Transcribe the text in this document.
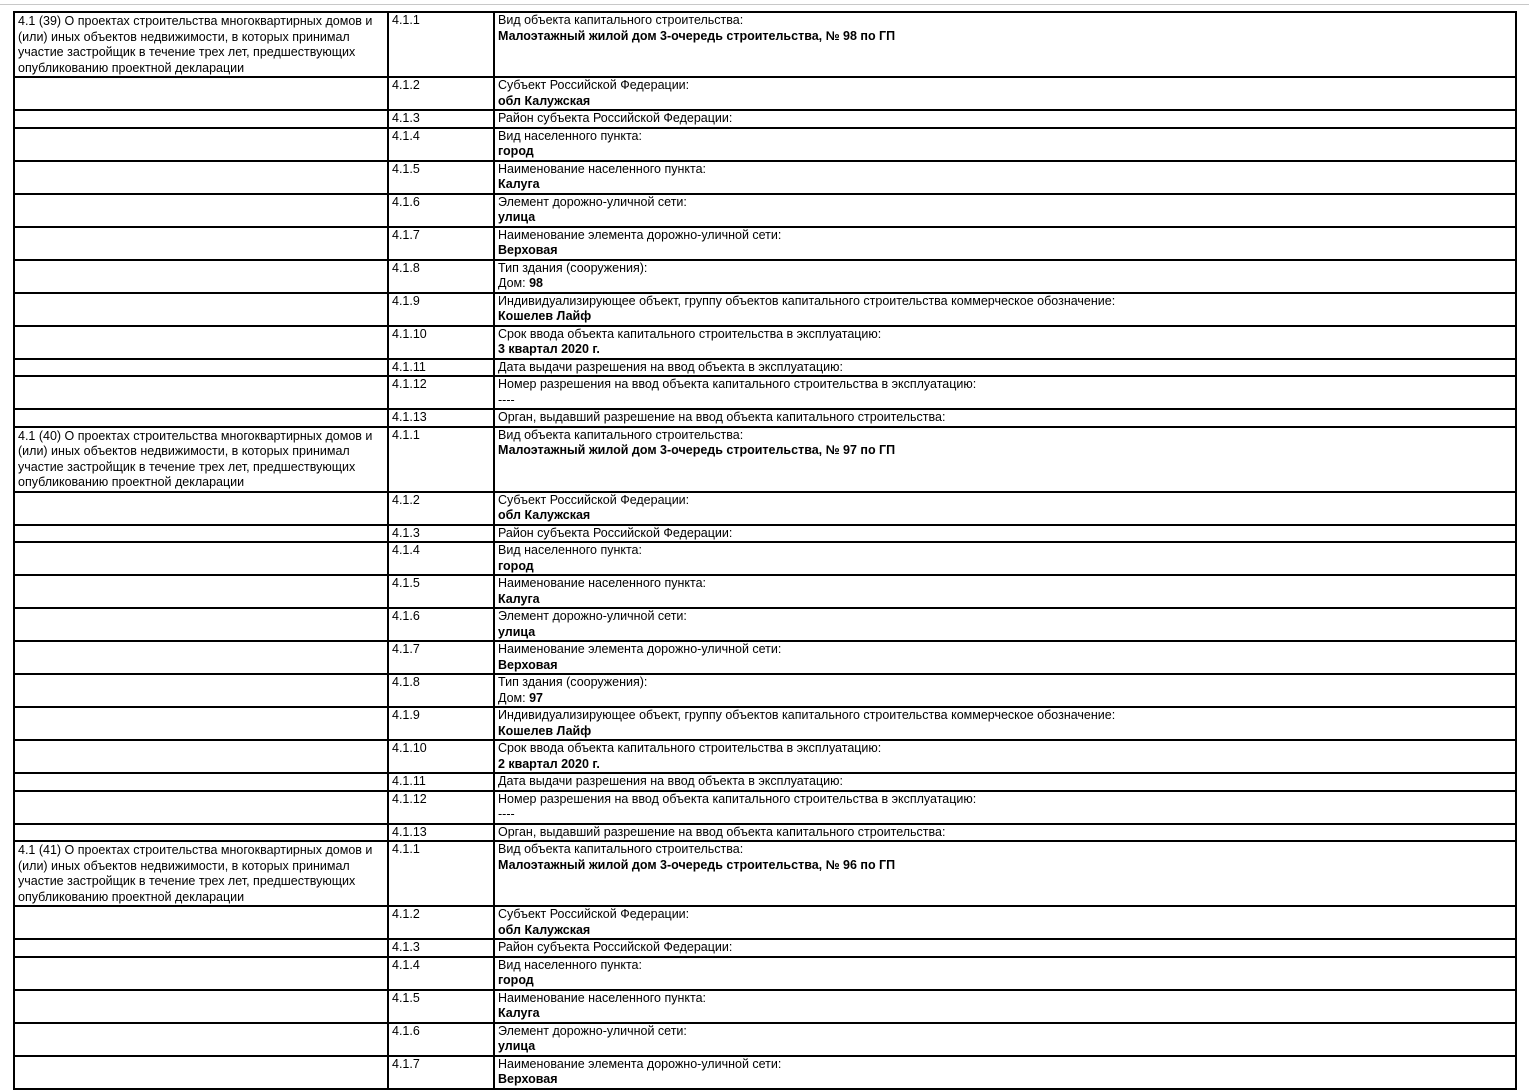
4.1 (39) О проектах строительства многоквартирных домов и (или) иных объектов недвижимости, в которых принимал участие застройщик в течение трех лет, предшествующих опубликованию проектной декларации	4.1.1	Вид объекта капитального строительства:
Малоэтажный жилой дом 3-очередь строительства, № 98 по ГП

	4.1.2	Субъект Российской Федерации:
обл Калужская

	4.1.3	Район субъекта Российской Федерации:

	4.1.4	Вид населенного пункта:
город

	4.1.5	Наименование населенного пункта:
Калуга

	4.1.6	Элемент дорожно-уличной сети:
улица

	4.1.7	Наименование элемента дорожно-уличной сети:
Верховая

	4.1.8	Тип здания (сооружения):
Дом: 98

	4.1.9	Индивидуализирующее объект, группу объектов капитального строительства коммерческое обозначение:
Кошелев Лайф

	4.1.10	Срок ввода объекта капитального строительства в эксплуатацию:
3 квартал 2020 г.

	4.1.11	Дата выдачи разрешения на ввод объекта в эксплуатацию:

	4.1.12	Номер разрешения на ввод объекта капитального строительства в эксплуатацию:
----

	4.1.13	Орган, выдавший разрешение на ввод объекта капитального строительства:

4.1 (40) О проектах строительства многоквартирных домов и (или) иных объектов недвижимости, в которых принимал участие застройщик в течение трех лет, предшествующих опубликованию проектной декларации	4.1.1	Вид объекта капитального строительства:
Малоэтажный жилой дом 3-очередь строительства, № 97 по ГП

	4.1.2	Субъект Российской Федерации:
обл Калужская

	4.1.3	Район субъекта Российской Федерации:

	4.1.4	Вид населенного пункта:
город

	4.1.5	Наименование населенного пункта:
Калуга

	4.1.6	Элемент дорожно-уличной сети:
улица

	4.1.7	Наименование элемента дорожно-уличной сети:
Верховая

	4.1.8	Тип здания (сооружения):
Дом: 97

	4.1.9	Индивидуализирующее объект, группу объектов капитального строительства коммерческое обозначение:
Кошелев Лайф

	4.1.10	Срок ввода объекта капитального строительства в эксплуатацию:
2 квартал 2020 г.

	4.1.11	Дата выдачи разрешения на ввод объекта в эксплуатацию:

	4.1.12	Номер разрешения на ввод объекта капитального строительства в эксплуатацию:
----

	4.1.13	Орган, выдавший разрешение на ввод объекта капитального строительства:

4.1 (41) О проектах строительства многоквартирных домов и (или) иных объектов недвижимости, в которых принимал участие застройщик в течение трех лет, предшествующих опубликованию проектной декларации	4.1.1	Вид объекта капитального строительства:
Малоэтажный жилой дом 3-очередь строительства, № 96 по ГП

	4.1.2	Субъект Российской Федерации:
обл Калужская

	4.1.3	Район субъекта Российской Федерации:

	4.1.4	Вид населенного пункта:
город

	4.1.5	Наименование населенного пункта:
Калуга

	4.1.6	Элемент дорожно-уличной сети:
улица

	4.1.7	Наименование элемента дорожно-уличной сети:
Верховая
